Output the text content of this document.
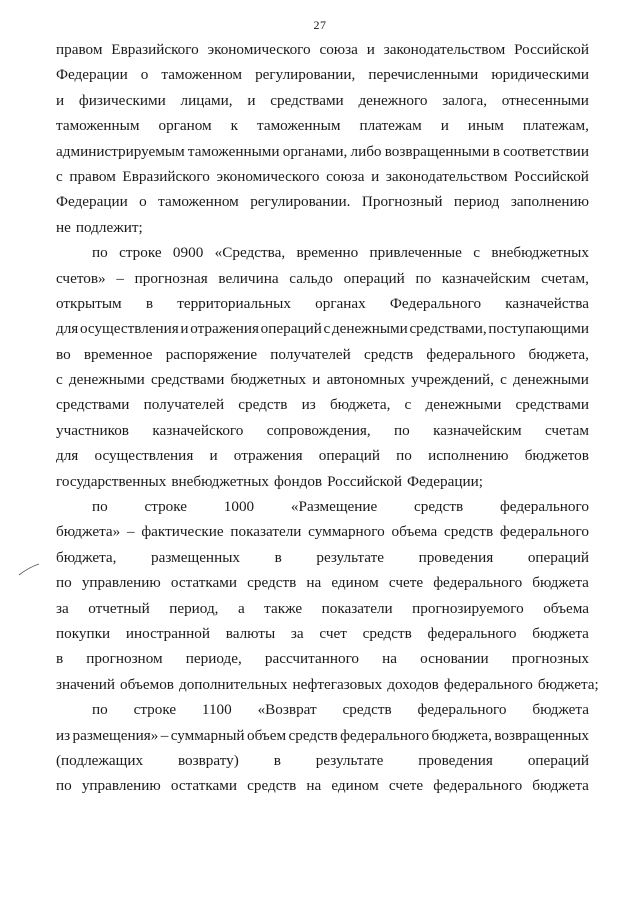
27
правом Евразийского экономического союза и законодательством Российской
Федерации о таможенном регулировании, перечисленными юридическими
и физическими лицами, и средствами денежного залога, отнесенными
таможенным органом к таможенным платежам и иным платежам,
администрируемым таможенными органами, либо возвращенными в соответствии
с правом Евразийского экономического союза и законодательством Российской
Федерации о таможенном регулировании. Прогнозный период заполнению
не подлежит;
по строке 0900 «Средства, временно привлеченные с внебюджетных
счетов» – прогнозная величина сальдо операций по казначейским счетам,
открытым в территориальных органах Федерального казначейства
для осуществления и отражения операций с денежными средствами, поступающими
во временное распоряжение получателей средств федерального бюджета,
с денежными средствами бюджетных и автономных учреждений, с денежными
средствами получателей средств из бюджета, с денежными средствами
участников казначейского сопровождения, по казначейским счетам
для осуществления и отражения операций по исполнению бюджетов
государственных внебюджетных фондов Российской Федерации;
по строке 1000 «Размещение средств федерального
бюджета» – фактические показатели суммарного объема средств федерального
бюджета, размещенных в результате проведения операций
по управлению остатками средств на едином счете федерального бюджета
за отчетный период, а также показатели прогнозируемого объема
покупки иностранной валюты за счет средств федерального бюджета
в прогнозном периоде, рассчитанного на основании прогнозных
значений объемов дополнительных нефтегазовых доходов федерального бюджета;
по строке 1100 «Возврат средств федерального бюджета
из размещения» – суммарный объем средств федерального бюджета, возвращенных
(подлежащих возврату) в результате проведения операций
по управлению остатками средств на едином счете федерального бюджета
